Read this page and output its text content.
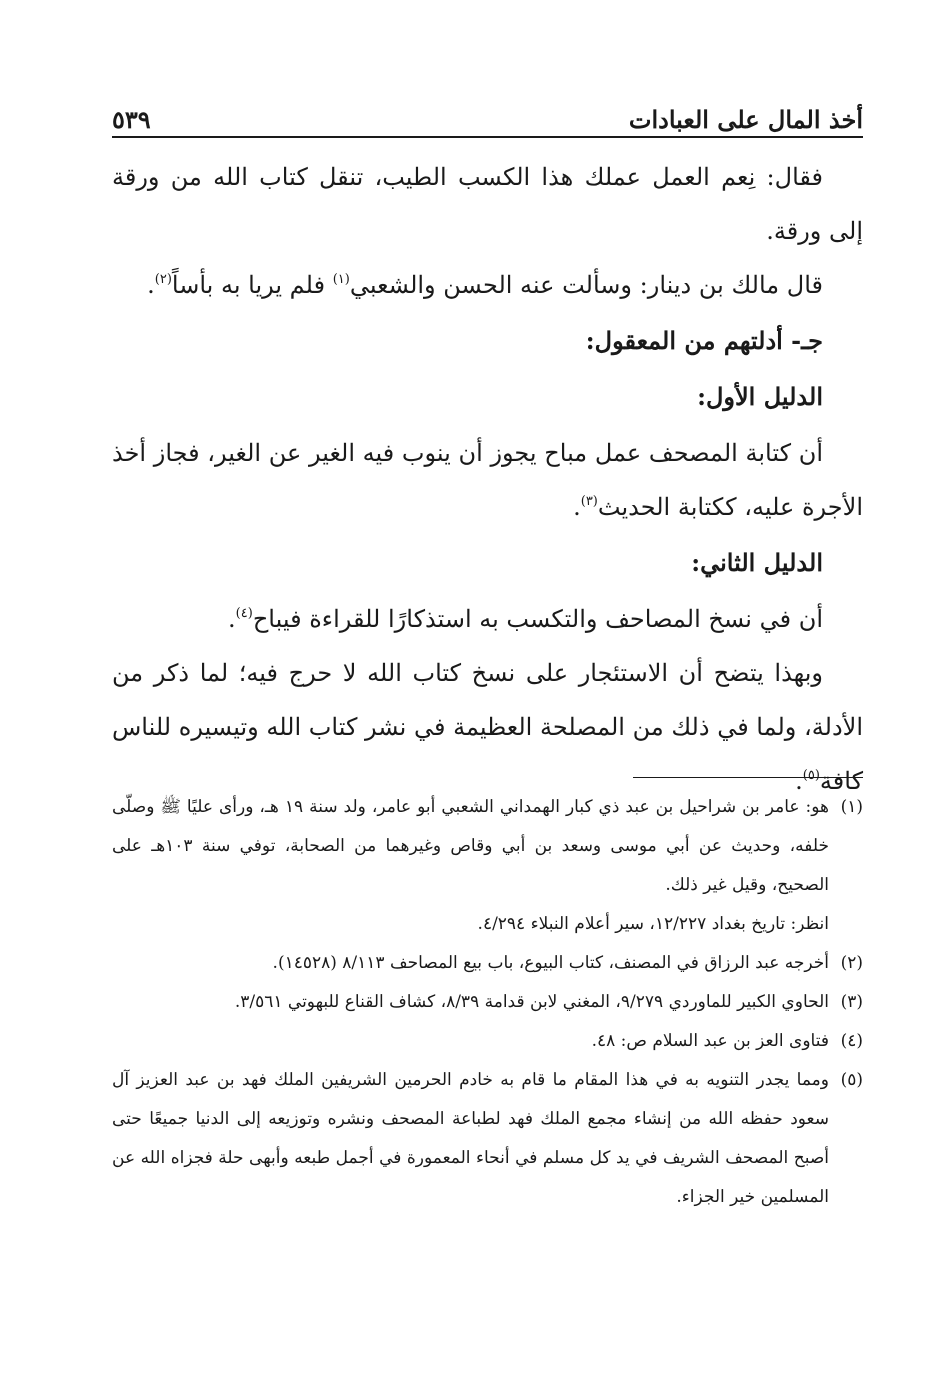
أخذ المال على العبادات
٥٣٩

فقال: نِعم العمل عملك هذا الكسب الطيب، تنقل كتاب الله من ورقة إلى ورقة.

قال مالك بن دينار: وسألت عنه الحسن والشعبي$^{(١)}$ فلم يريا به بأساً$^{(٢)}$.

جـ- أدلتهم من المعقول:
الدليل الأول:

أن كتابة المصحف عمل مباح يجوز أن ينوب فيه الغير عن الغير، فجاز أخذ الأجرة عليه، ككتابة الحديث$^{(٣)}$.

الدليل الثاني:

أن في نسخ المصاحف والتكسب به استذكارًا للقراءة فيباح$^{(٤)}$.

وبهذا يتضح أن الاستئجار على نسخ كتاب الله لا حرج فيه؛ لما ذكر من الأدلة، ولما في ذلك من المصلحة العظيمة في نشر كتاب الله وتيسيره للناس كافة$^{(٥)}$.

(١)هو: عامر بن شراحيل بن عبد ذي كبار الهمداني الشعبي أبو عامر، ولد سنة ١٩ هـ، ورأى عليًا ﷺ وصلّى خلفه، وحديث عن أبي موسى وسعد بن أبي وقاص وغيرهما من الصحابة، توفي سنة ١٠٣هـ على الصحيح، وقيل غير ذلك.

انظر: تاريخ بغداد ١٢/٢٢٧، سير أعلام النبلاء ٤/٢٩٤.

(٢)أخرجه عبد الرزاق في المصنف، كتاب البيوع، باب بيع المصاحف ٨/١١٣ (١٤٥٢٨).

(٣)الحاوي الكبير للماوردي ٩/٢٧٩، المغني لابن قدامة ٨/٣٩، كشاف القناع للبهوتي ٣/٥٦١.

(٤)فتاوى العز بن عبد السلام ص: ٤٨.

(٥)ومما يجدر التنويه به في هذا المقام ما قام به خادم الحرمين الشريفين الملك فهد بن عبد العزيز آل سعود حفظه الله من إنشاء مجمع الملك فهد لطباعة المصحف ونشره وتوزيعه إلى الدنيا جميعًا حتى أصبح المصحف الشريف في يد كل مسلم في أنحاء المعمورة في أجمل طبعه وأبهى حلة فجزاه الله عن المسلمين خير الجزاء.
